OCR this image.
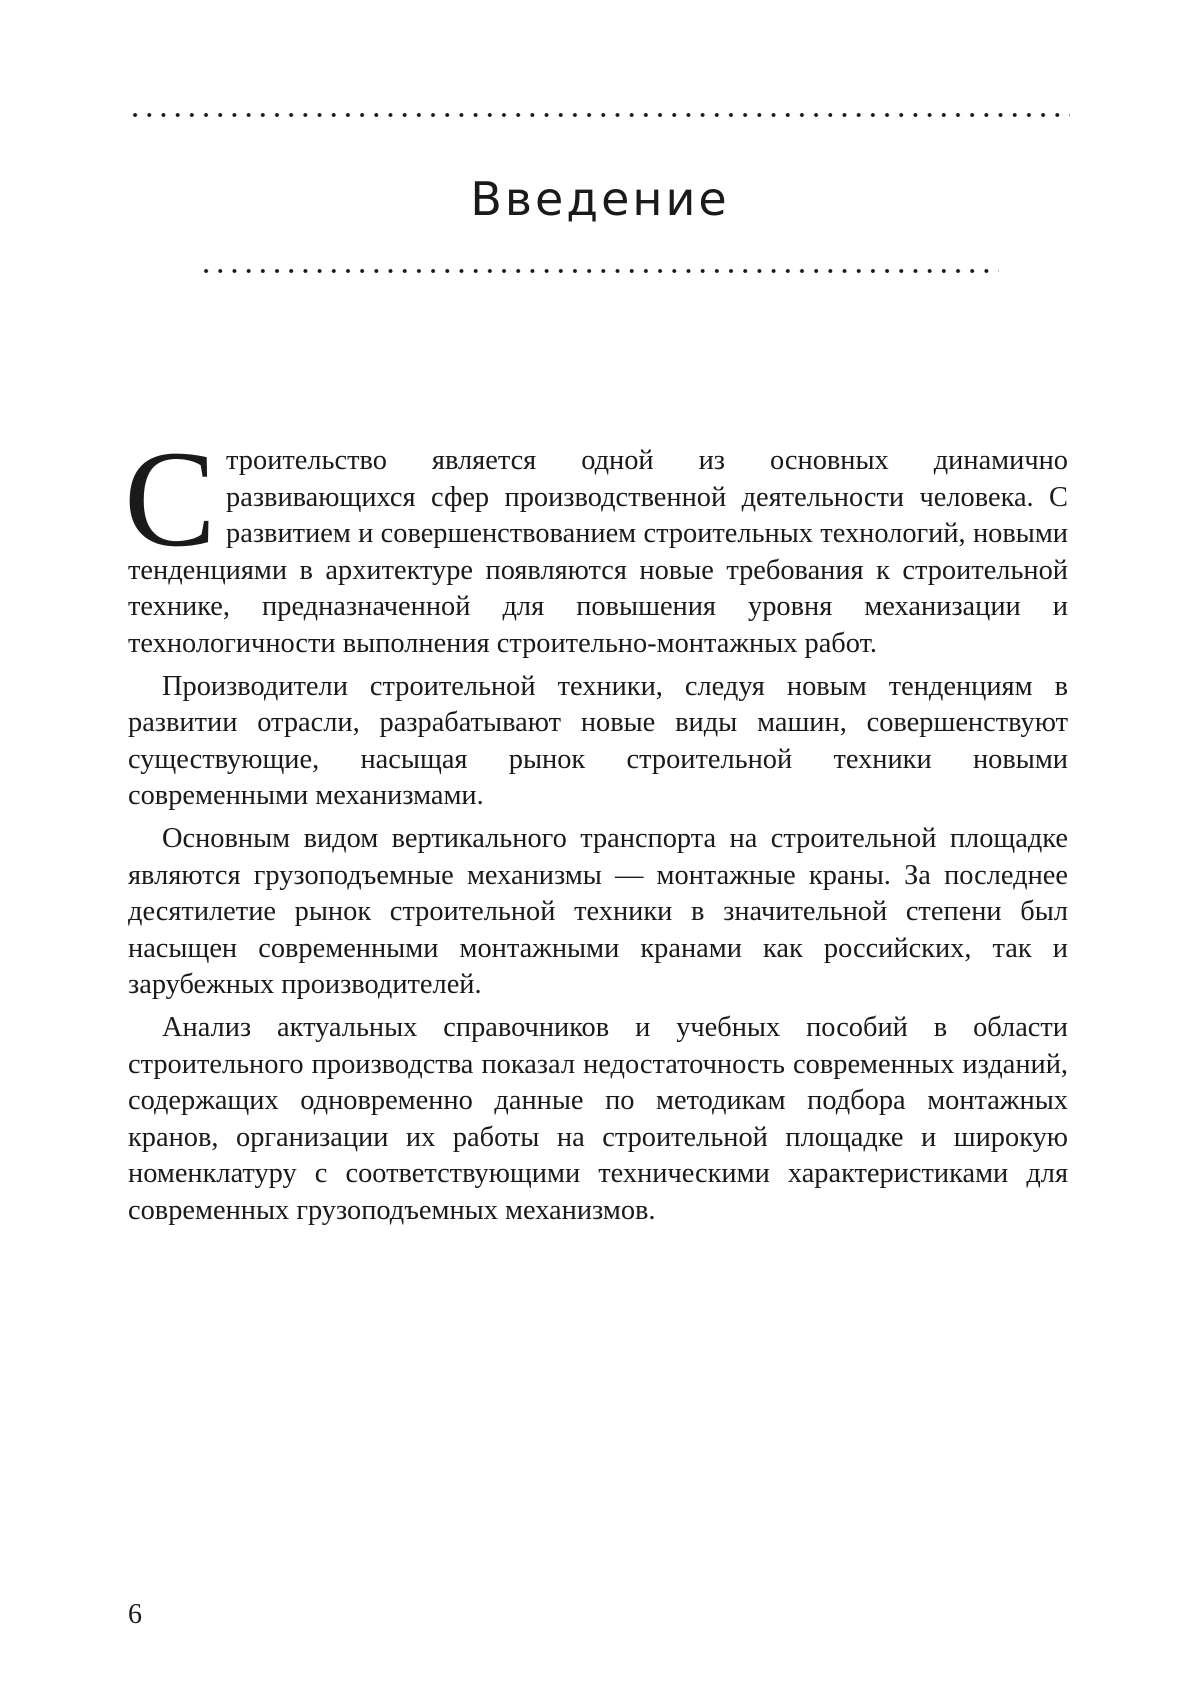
Введение

Строительство является одной из основных динамично развивающихся сфер производственной деятельности человека. С развитием и совершенствованием строительных технологий, новыми тенденциями в архитектуре появляются новые требования к строительной технике, предназначенной для повышения уровня механизации и технологичности выполнения строительно-монтажных работ.

Производители строительной техники, следуя новым тенденциям в развитии отрасли, разрабатывают новые виды машин, совершенствуют существующие, насыщая рынок строительной техники новыми современными механизмами.

Основным видом вертикального транспорта на строительной площадке являются грузоподъемные механизмы — монтажные краны. За последнее десятилетие рынок строительной техники в значительной степени был насыщен современными монтажными кранами как российских, так и зарубежных производителей.

Анализ актуальных справочников и учебных пособий в области строительного производства показал недостаточность современных изданий, содержащих одновременно данные по методикам подбора монтажных кранов, организации их работы на строительной площадке и широкую номенклатуру с соответствующими техническими характеристиками для современных грузоподъемных механизмов.

6
